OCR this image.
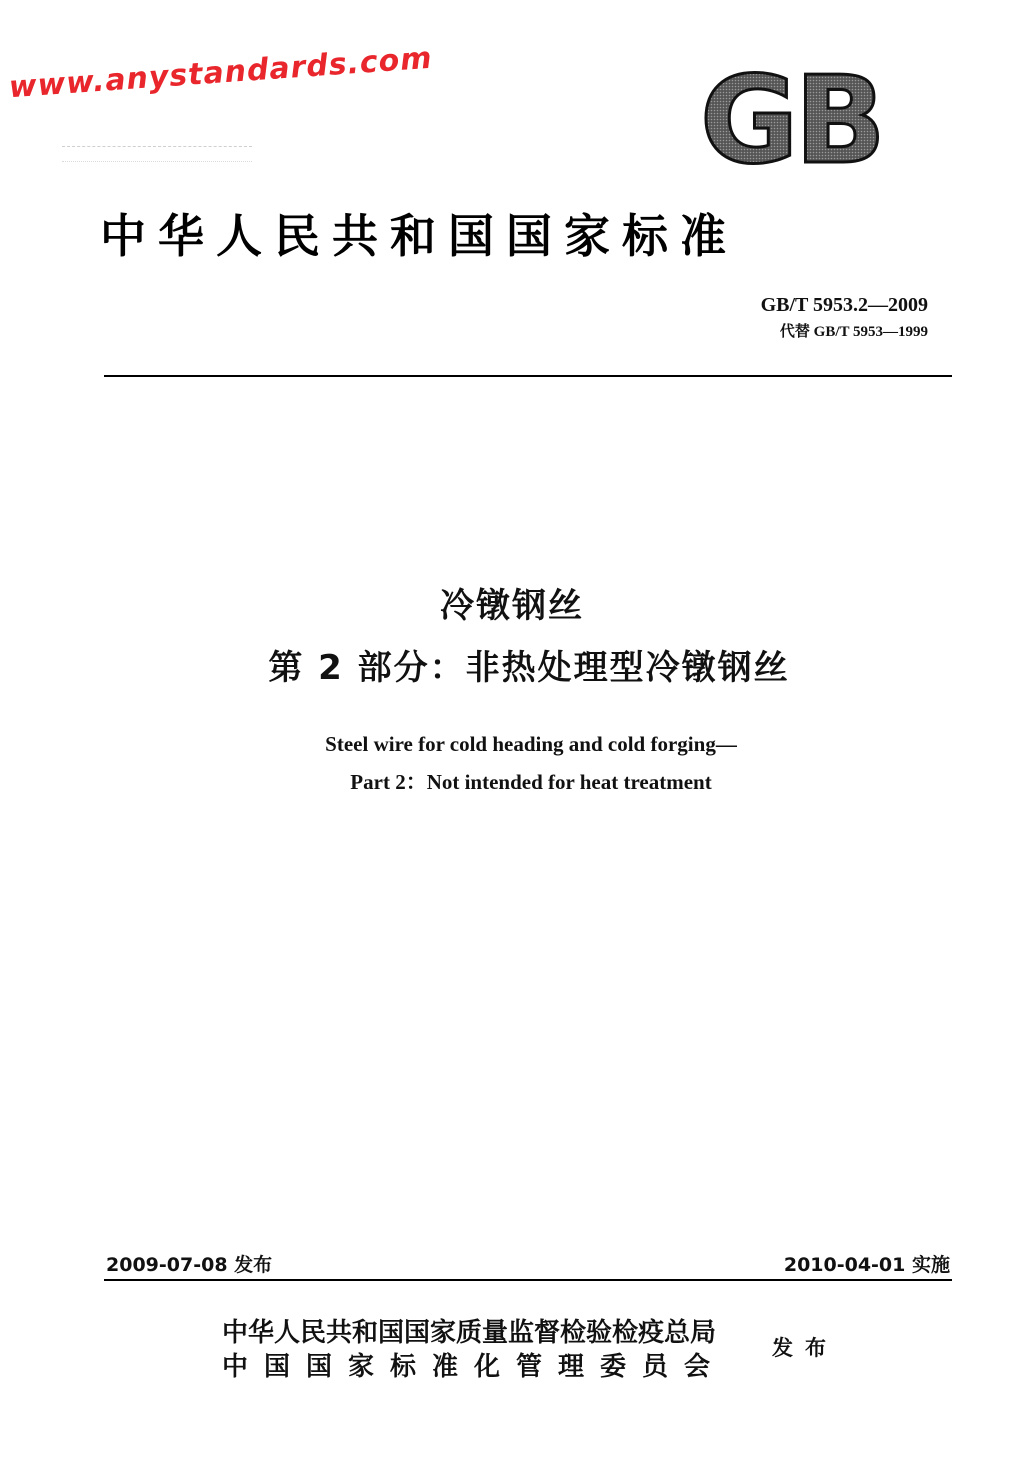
www.anystandards.com GB
中华人民共和国国家标准
GB/T 5953.2—2009
代替 GB/T 5953—1999
冷镦钢丝
第 2 部分：非热处理型冷镦钢丝
Steel wire for cold heading and cold forging—
Part 2：Not intended for heat treatment
2009-07-08 发布	2010-04-01 实施
中华人民共和国国家质量监督检验检疫总局
中国国家标准化管理委员会
发布
